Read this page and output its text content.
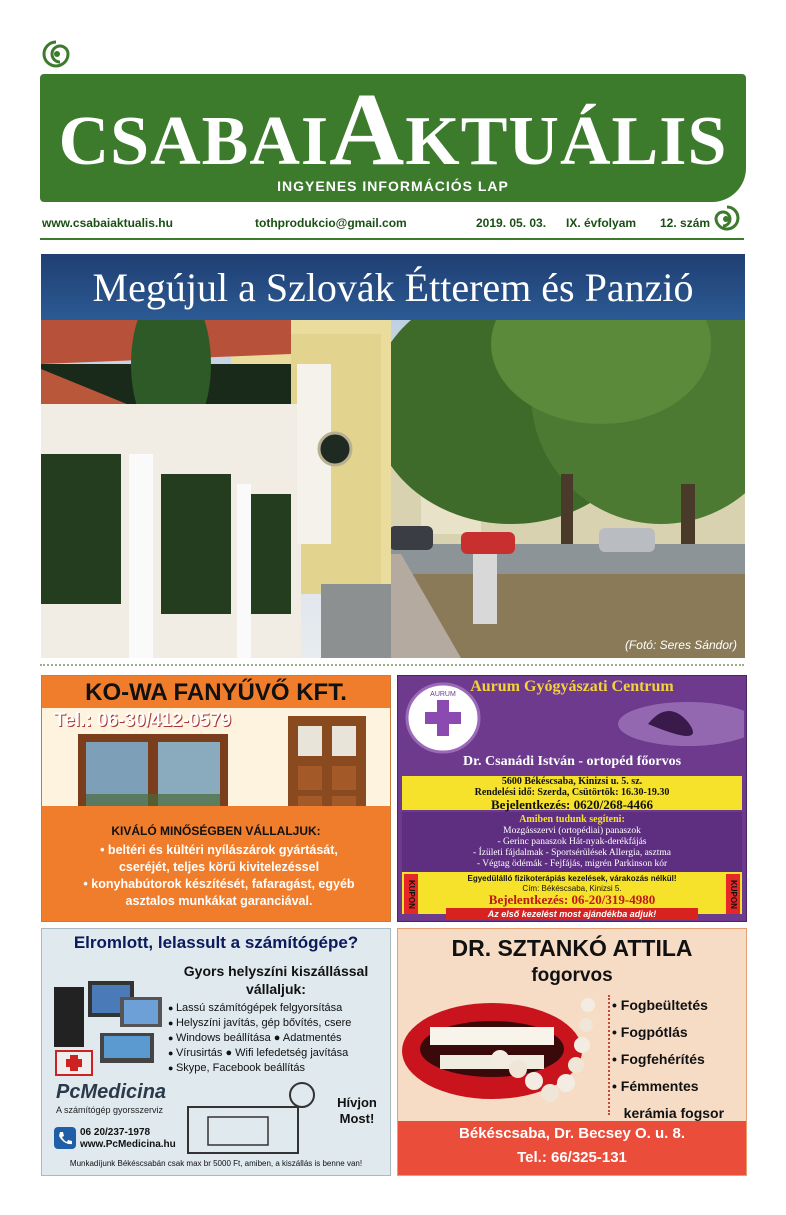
CSABAIAKTUÁLIS
INGYENES INFORMÁCIÓS LAP
www.csabaiaktualis.hu	tothprodukcio@gmail.com	2019. 05. 03. IX. évfolyam 12. szám
Megújul a Szlovák Étterem és Panzió
(Fotó: Seres Sándor)
KO-WA FANYŰVŐ KFT.
Tel.: 06-30/412-0579
KIVÁLÓ MINŐSÉGBEN VÁLLALJUK:
• beltéri és kültéri nyílászárok gyártását,
cseréjét, teljes körű kivitelezéssel
• konyhabútorok készítését, fafaragást, egyéb
asztalos munkákat garanciával.
Aurum Gyógyászati Centrum
AURUM
Dr. Csanádi István - ortopéd főorvos
5600 Békéscsaba, Kinizsi u. 5. sz.
Rendelési idő: Szerda, Csütörtök: 16.30-19.30
Bejelentkezés: 0620/268-4466
Amiben tudunk segíteni:
Mozgásszervi (ortopédiai) panaszok
- Gerinc panaszok Hát-nyak-derékfájás
- Ízületi fájdalmak - Sportsérülések Allergia, asztma
- Végtag ödémák - Fejfájás, migrén Parkinson kór
KUPON	KUPON
Egyedülálló fizikoterápiás kezelések, várakozás nélkül!
Cím: Békéscsaba, Kinizsi 5.
Bejelentkezés: 06-20/319-4980
Az első kezelést most ajándékba adjuk!
Elromlott, lelassult a számítógépe?
Gyors helyszíni kiszállással
vállaljuk:
● Lassú számítógépek felgyorsítása
● Helyszíni javítás, gép bővítés, csere
● Windows beállítása ● Adatmentés
● Vírusirtás ● Wifi lefedetség javítása
● Skype, Facebook beállítás
PcMedicina
A számítógép gyorsszerviz
06 20/237-1978
www.PcMedicina.hu
Hívjon
Most!
Munkadíjunk Békéscsabán csak max br 5000 Ft, amiben, a kiszállás is benne van!
DR. SZTANKÓ ATTILA
fogorvos
• Fogbeültetés
• Fogpótlás
• Fogfehérítés
• Fémmentes
kerámia fogsor
Békéscsaba, Dr. Becsey O. u. 8.
Tel.: 66/325-131
